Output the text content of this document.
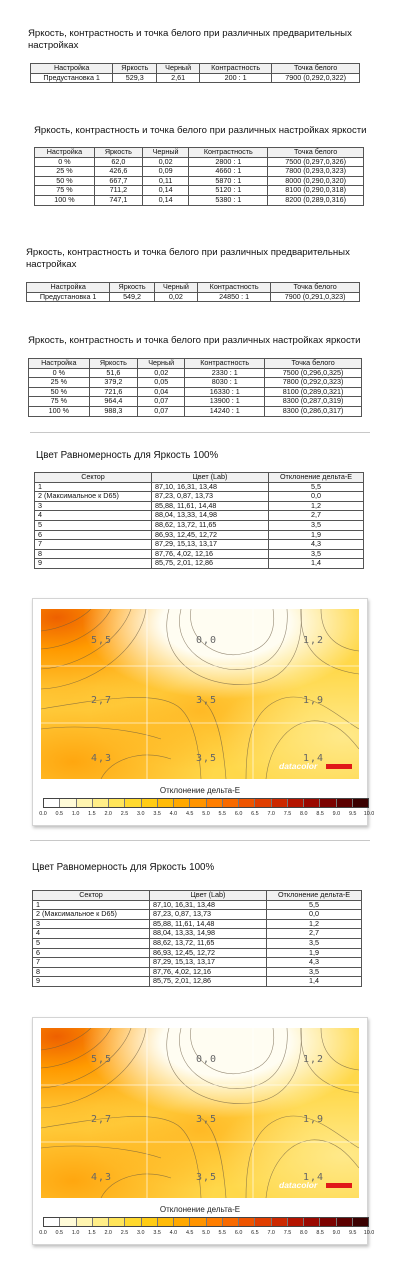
Яркость, контрастность и точка белого при различных предварительных настройках
Настройка	Яркость	Черный	Контрастность	Точка белого
Предустановка 1	529,3	2,61	200 : 1	7900 (0,292,0,322)
Яркость, контрастность и точка белого при различных настройках яркости
Настройка	Яркость	Черный	Контрастность	Точка белого
0 %	62,0	0,02	2800 : 1	7500 (0,297,0,326)
25 %	426,6	0,09	4660 : 1	7800 (0,293,0,323)
50 %	667,7	0,11	5870 : 1	8000 (0,290,0,320)
75 %	711,2	0,14	5120 : 1	8100 (0,290,0,318)
100 %	747,1	0,14	5380 : 1	8200 (0,289,0,316)
Яркость, контрастность и точка белого при различных предварительных настройках
Настройка	Яркость	Черный	Контрастность	Точка белого
Предустановка 1	549,2	0,02	24850 : 1	7900 (0,291,0,323)
Яркость, контрастность и точка белого при различных настройках яркости
Настройка	Яркость	Черный	Контрастность	Точка белого
0 %	51,6	0,02	2330 : 1	7500 (0,296,0,325)
25 %	379,2	0,05	8030 : 1	7800 (0,292,0,323)
50 %	721,6	0,04	16330 : 1	8100 (0,289,0,321)
75 %	964,4	0,07	13900 : 1	8300 (0,287,0,319)
100 %	988,3	0,07	14240 : 1	8300 (0,286,0,317)
Цвет Равномерность для Яркость 100%
Сектор	Цвет (Lab)	Отклонение дельта-E
1	87,10, 16,31, 13,48	5,5
2 (Максимальное к D65)	87,23, 0,87, 13,73	0,0
3	85,88, 11,61, 14,48	1,2
4	88,04, 13,33, 14,98	2,7
5	88,62, 13,72, 11,65	3,5
6	86,93, 12,45, 12,72	1,9
7	87,29, 15,13, 13,17	4,3
8	87,76, 4,02, 12,16	3,5
9	85,75, 2,01, 12,86	1,4
5,5	0,0	1,2
2,7	3,5	1,9
4,3	3,5	1,4
datacolor
Отклонение дельта-E
0.0 0.5 1.0 1.5 2.0 2.5 3.0 3.5 4.0 4.5 5.0 5.5 6.0 6.5 7.0 7.5 8.0 8.5 9.0 9.5 10.0
Цвет Равномерность для Яркость 100%
Сектор	Цвет (Lab)	Отклонение дельта-E
1	87,10, 16,31, 13,48	5,5
2 (Максимальное к D65)	87,23, 0,87, 13,73	0,0
3	85,88, 11,61, 14,48	1,2
4	88,04, 13,33, 14,98	2,7
5	88,62, 13,72, 11,65	3,5
6	86,93, 12,45, 12,72	1,9
7	87,29, 15,13, 13,17	4,3
8	87,76, 4,02, 12,16	3,5
9	85,75, 2,01, 12,86	1,4
5,5	0,0	1,2
2,7	3,5	1,9
4,3	3,5	1,4
datacolor
Отклонение дельта-E
0.0 0.5 1.0 1.5 2.0 2.5 3.0 3.5 4.0 4.5 5.0 5.5 6.0 6.5 7.0 7.5 8.0 8.5 9.0 9.5 10.0
